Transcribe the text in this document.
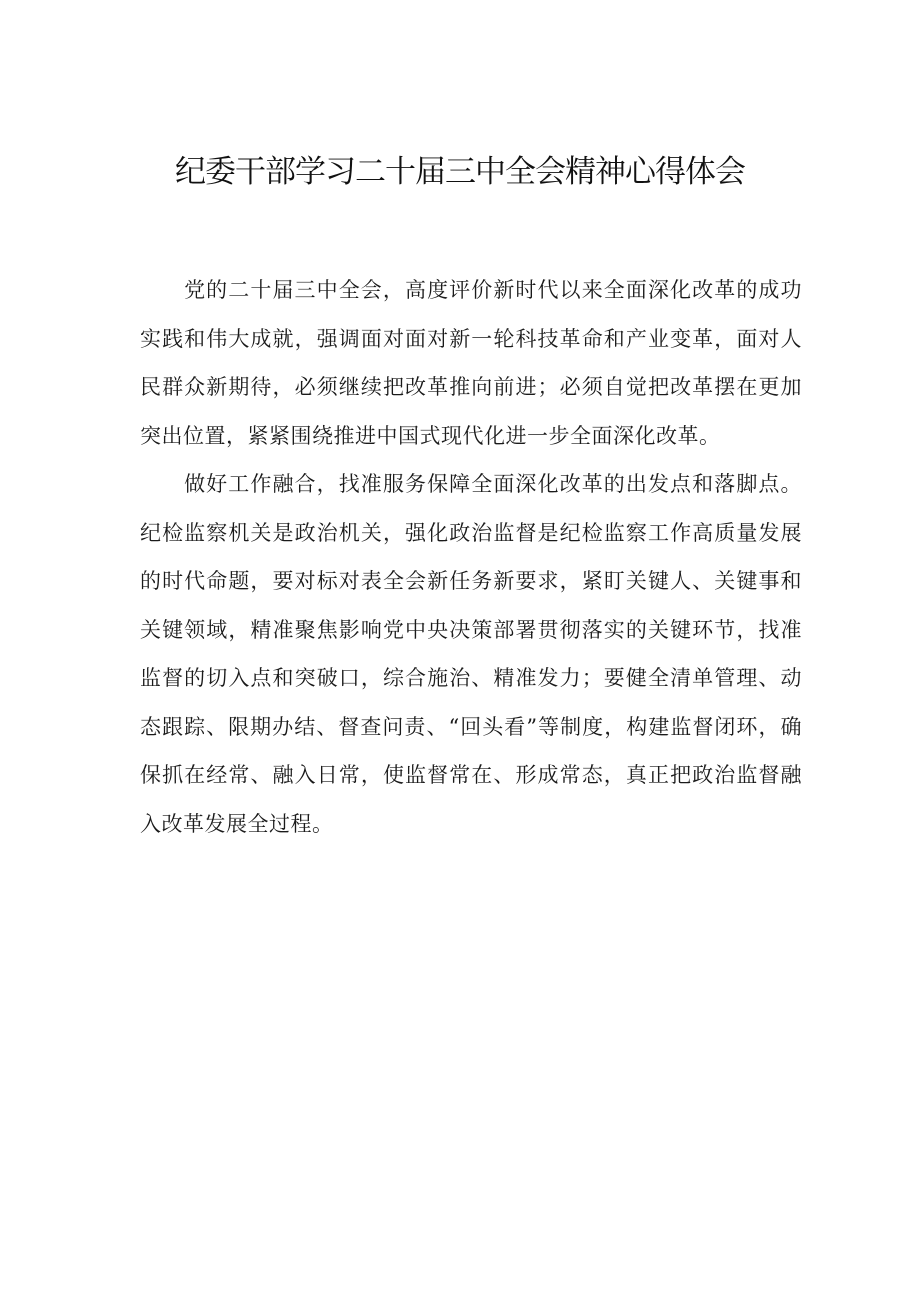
纪委干部学习二十届三中全会精神心得体会

党的二十届三中全会，高度评价新时代以来全面深化改革的成功实践和伟大成就，强调面对面对新一轮科技革命和产业变革，面对人民群众新期待，必须继续把改革推向前进；必须自觉把改革摆在更加突出位置，紧紧围绕推进中国式现代化进一步全面深化改革。

做好工作融合，找准服务保障全面深化改革的出发点和落脚点。纪检监察机关是政治机关，强化政治监督是纪检监察工作高质量发展的时代命题，要对标对表全会新任务新要求，紧盯关键人、关键事和关键领域，精准聚焦影响党中央决策部署贯彻落实的关键环节，找准监督的切入点和突破口，综合施治、精准发力；要健全清单管理、动态跟踪、限期办结、督查问责、“回头看”等制度，构建监督闭环，确保抓在经常、融入日常，使监督常在、形成常态，真正把政治监督融入改革发展全过程。
